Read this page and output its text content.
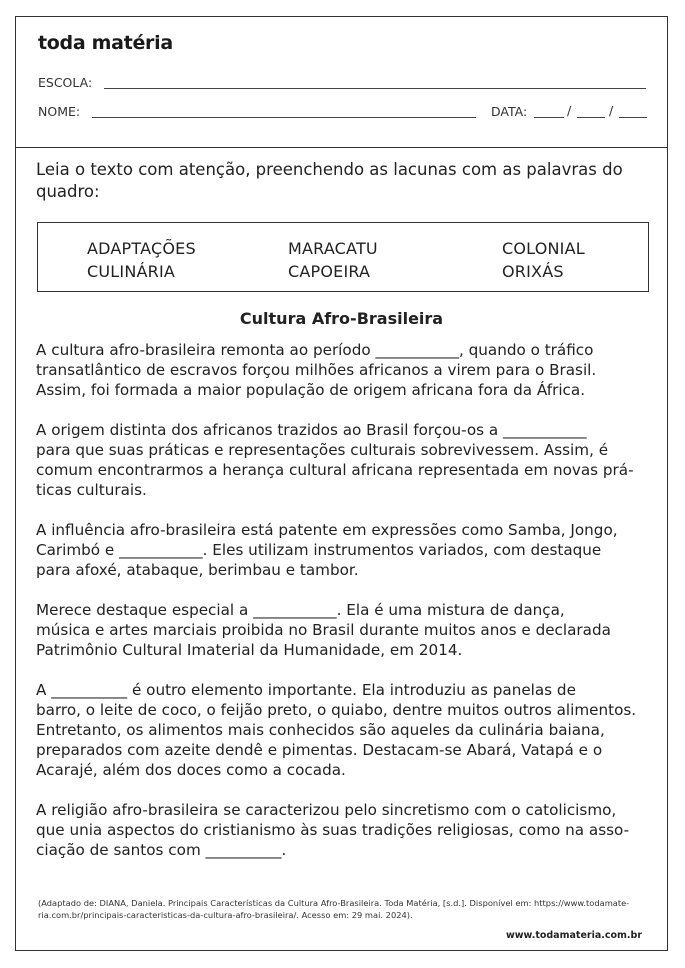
toda matéria
ESCOLA:
NOME:	DATA:	/	/
Leia o texto com atenção, preenchendo as lacunas com as palavras do
quadro:
ADAPTAÇÕES	MARACATU	COLONIAL
CULINÁRIA	CAPOEIRA	ORIXÁS
Cultura Afro-Brasileira
A cultura afro-brasileira remonta ao período ___________, quando o tráfico
transatlântico de escravos forçou milhões africanos a virem para o Brasil.
Assim, foi formada a maior população de origem africana fora da África.
A origem distinta dos africanos trazidos ao Brasil forçou-os a ___________
para que suas práticas e representações culturais sobrevivessem. Assim, é
comum encontrarmos a herança cultural africana representada em novas prá-
ticas culturais.
A influência afro-brasileira está patente em expressões como Samba, Jongo,
Carimbó e ___________. Eles utilizam instrumentos variados, com destaque
para afoxé, atabaque, berimbau e tambor.
Merece destaque especial a ___________. Ela é uma mistura de dança,
música e artes marciais proibida no Brasil durante muitos anos e declarada
Patrimônio Cultural Imaterial da Humanidade, em 2014.
A __________ é outro elemento importante. Ela introduziu as panelas de
barro, o leite de coco, o feijão preto, o quiabo, dentre muitos outros alimentos.
Entretanto, os alimentos mais conhecidos são aqueles da culinária baiana,
preparados com azeite dendê e pimentas. Destacam-se Abará, Vatapá e o
Acarajé, além dos doces como a cocada.
A religião afro-brasileira se caracterizou pelo sincretismo com o catolicismo,
que unia aspectos do cristianismo às suas tradições religiosas, como na asso-
ciação de santos com __________.
(Adaptado de: DIANA, Daniela. Principais Características da Cultura Afro-Brasileira. Toda Matéria, [s.d.]. Disponível em: https://www.todamate-
ria.com.br/principais-caracteristicas-da-cultura-afro-brasileira/. Acesso em: 29 mai. 2024).
www.todamateria.com.br
